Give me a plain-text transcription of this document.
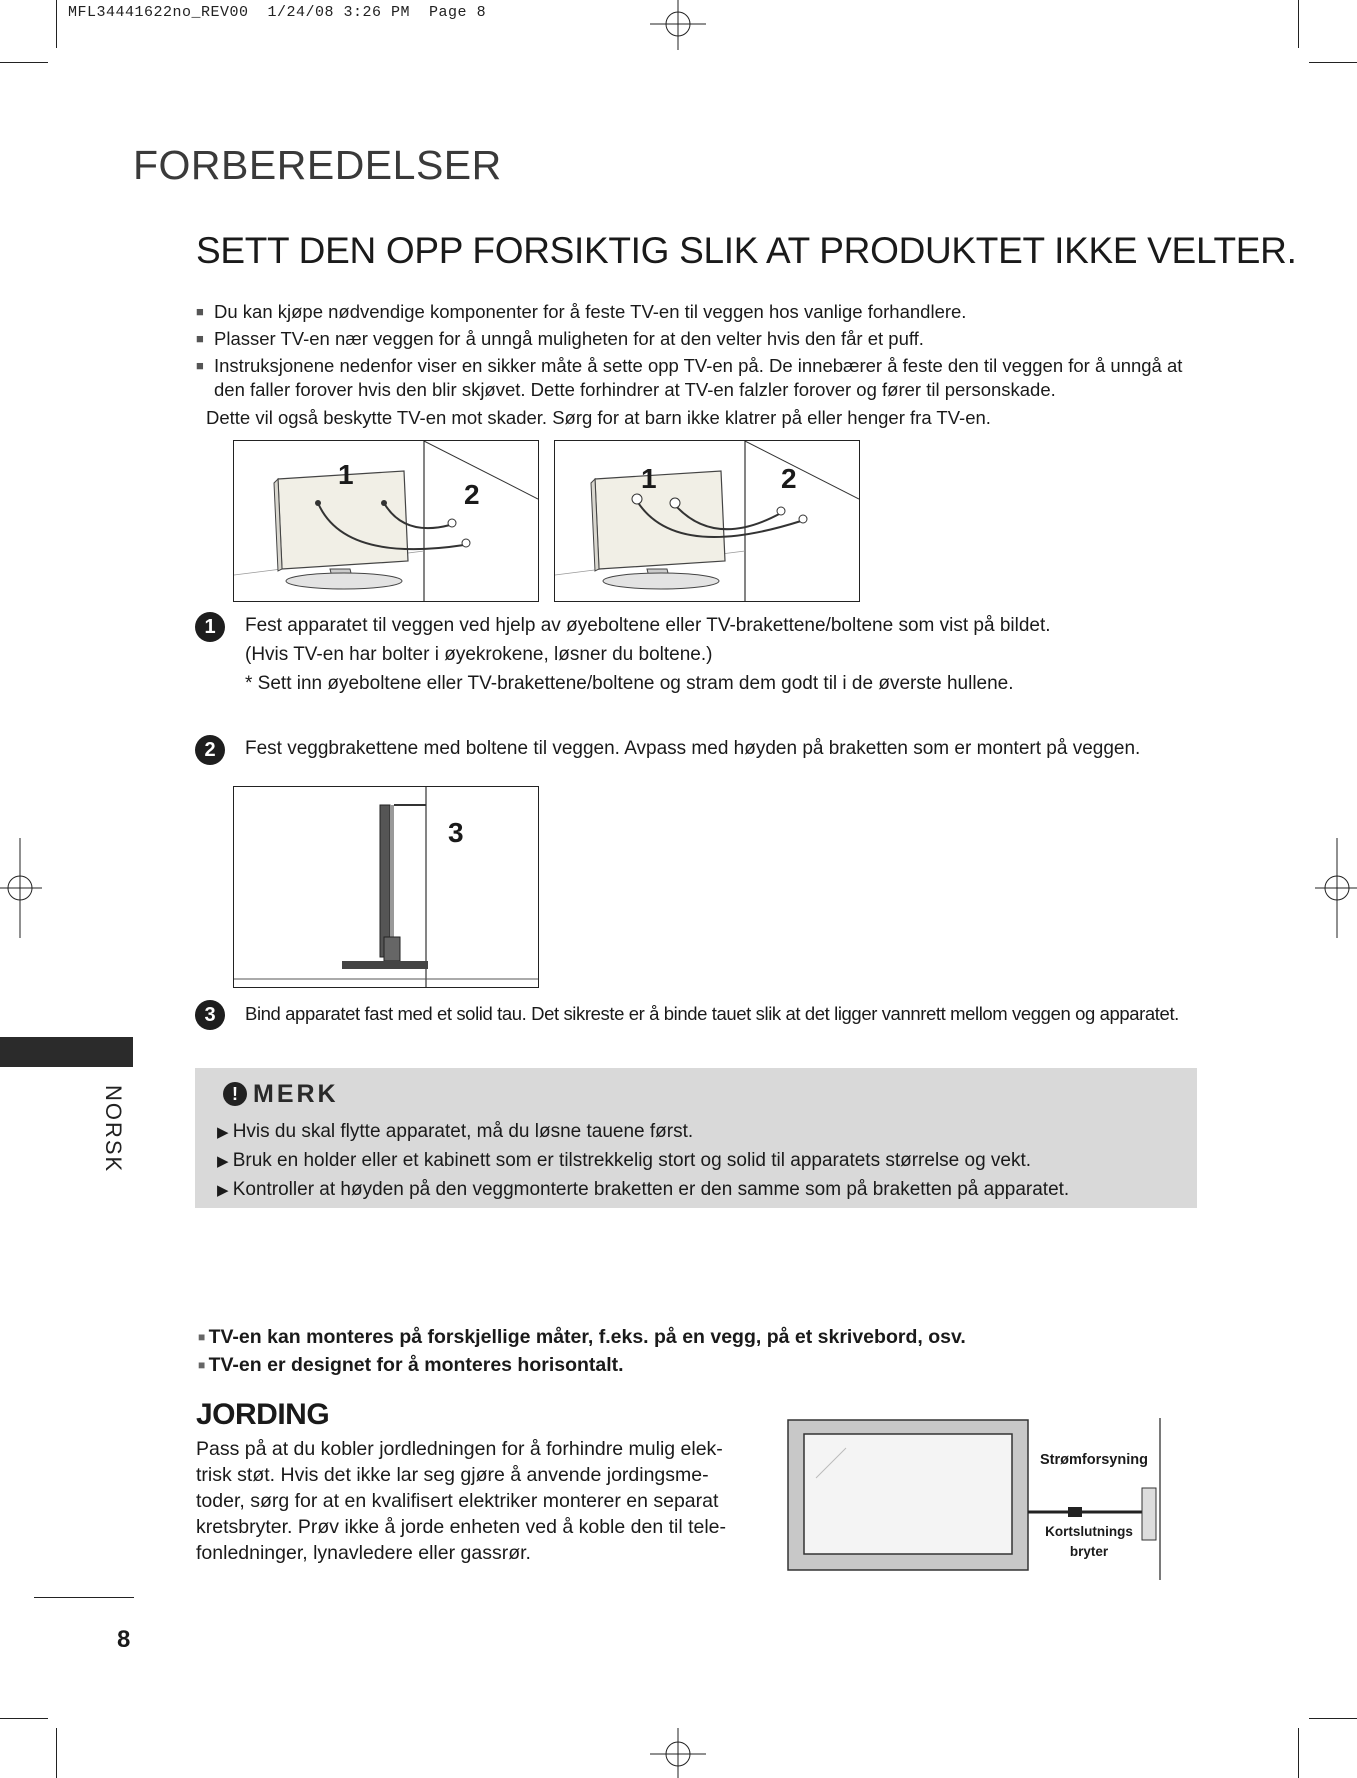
MFL34441622no_REV00  1/24/08 3:26 PM  Page 8
FORBEREDELSER
SETT DEN OPP FORSIKTIG SLIK AT PRODUKTET IKKE VELTER.
■ Du kan kjøpe nødvendige komponenter for å feste TV-en til veggen hos vanlige forhandlere.
■ Plasser TV-en nær veggen for å unngå muligheten for at den velter hvis den får et puff.
■ Instruksjonene nedenfor viser en sikker måte å sette opp TV-en på. De innebærer å feste den til veggen for å unngå at den faller forover hvis den blir skjøvet. Dette forhindrer at TV-en falzler forover og fører til personskade.
Dette vil også beskytte TV-en mot skader. Sørg for at barn ikke klatrer på eller henger fra TV-en.
1
2
1	2
1	Fest apparatet til veggen ved hjelp av øyeboltene eller TV-brakettene/boltene som vist på bildet.
(Hvis TV-en har bolter i øyekrokene, løsner du boltene.)
* Sett inn øyeboltene eller TV-brakettene/boltene og stram dem godt til i de øverste hullene.
2	Fest veggbrakettene med boltene til veggen. Avpass med høyden på braketten som er montert på veggen.
3
3	Bind apparatet fast med et solid tau. Det sikreste er å binde tauet slik at det ligger vannrett mellom veggen og apparatet.
NORSK	! MERK
▶ Hvis du skal flytte apparatet, må du løsne tauene først.
▶ Bruk en holder eller et kabinett som er tilstrekkelig stort og solid til apparatets størrelse og vekt.
▶ Kontroller at høyden på den veggmonterte braketten er den samme som på braketten på apparatet.
■ TV-en kan monteres på forskjellige måter, f.eks. på en vegg, på et skrivebord, osv.
■ TV-en er designet for å monteres horisontalt.
JORDING
Pass på at du kobler jordledningen for å forhindre mulig elek-
trisk støt. Hvis det ikke lar seg gjøre å anvende jordingsme-
toder, sørg for at en kvalifisert elektriker monterer en separat
kretsbryter. Prøv ikke å jorde enheten ved å koble den til tele-
fonledninger, lynavledere eller gassrør.
Strømforsyning
Kortslutnings
bryter
8
